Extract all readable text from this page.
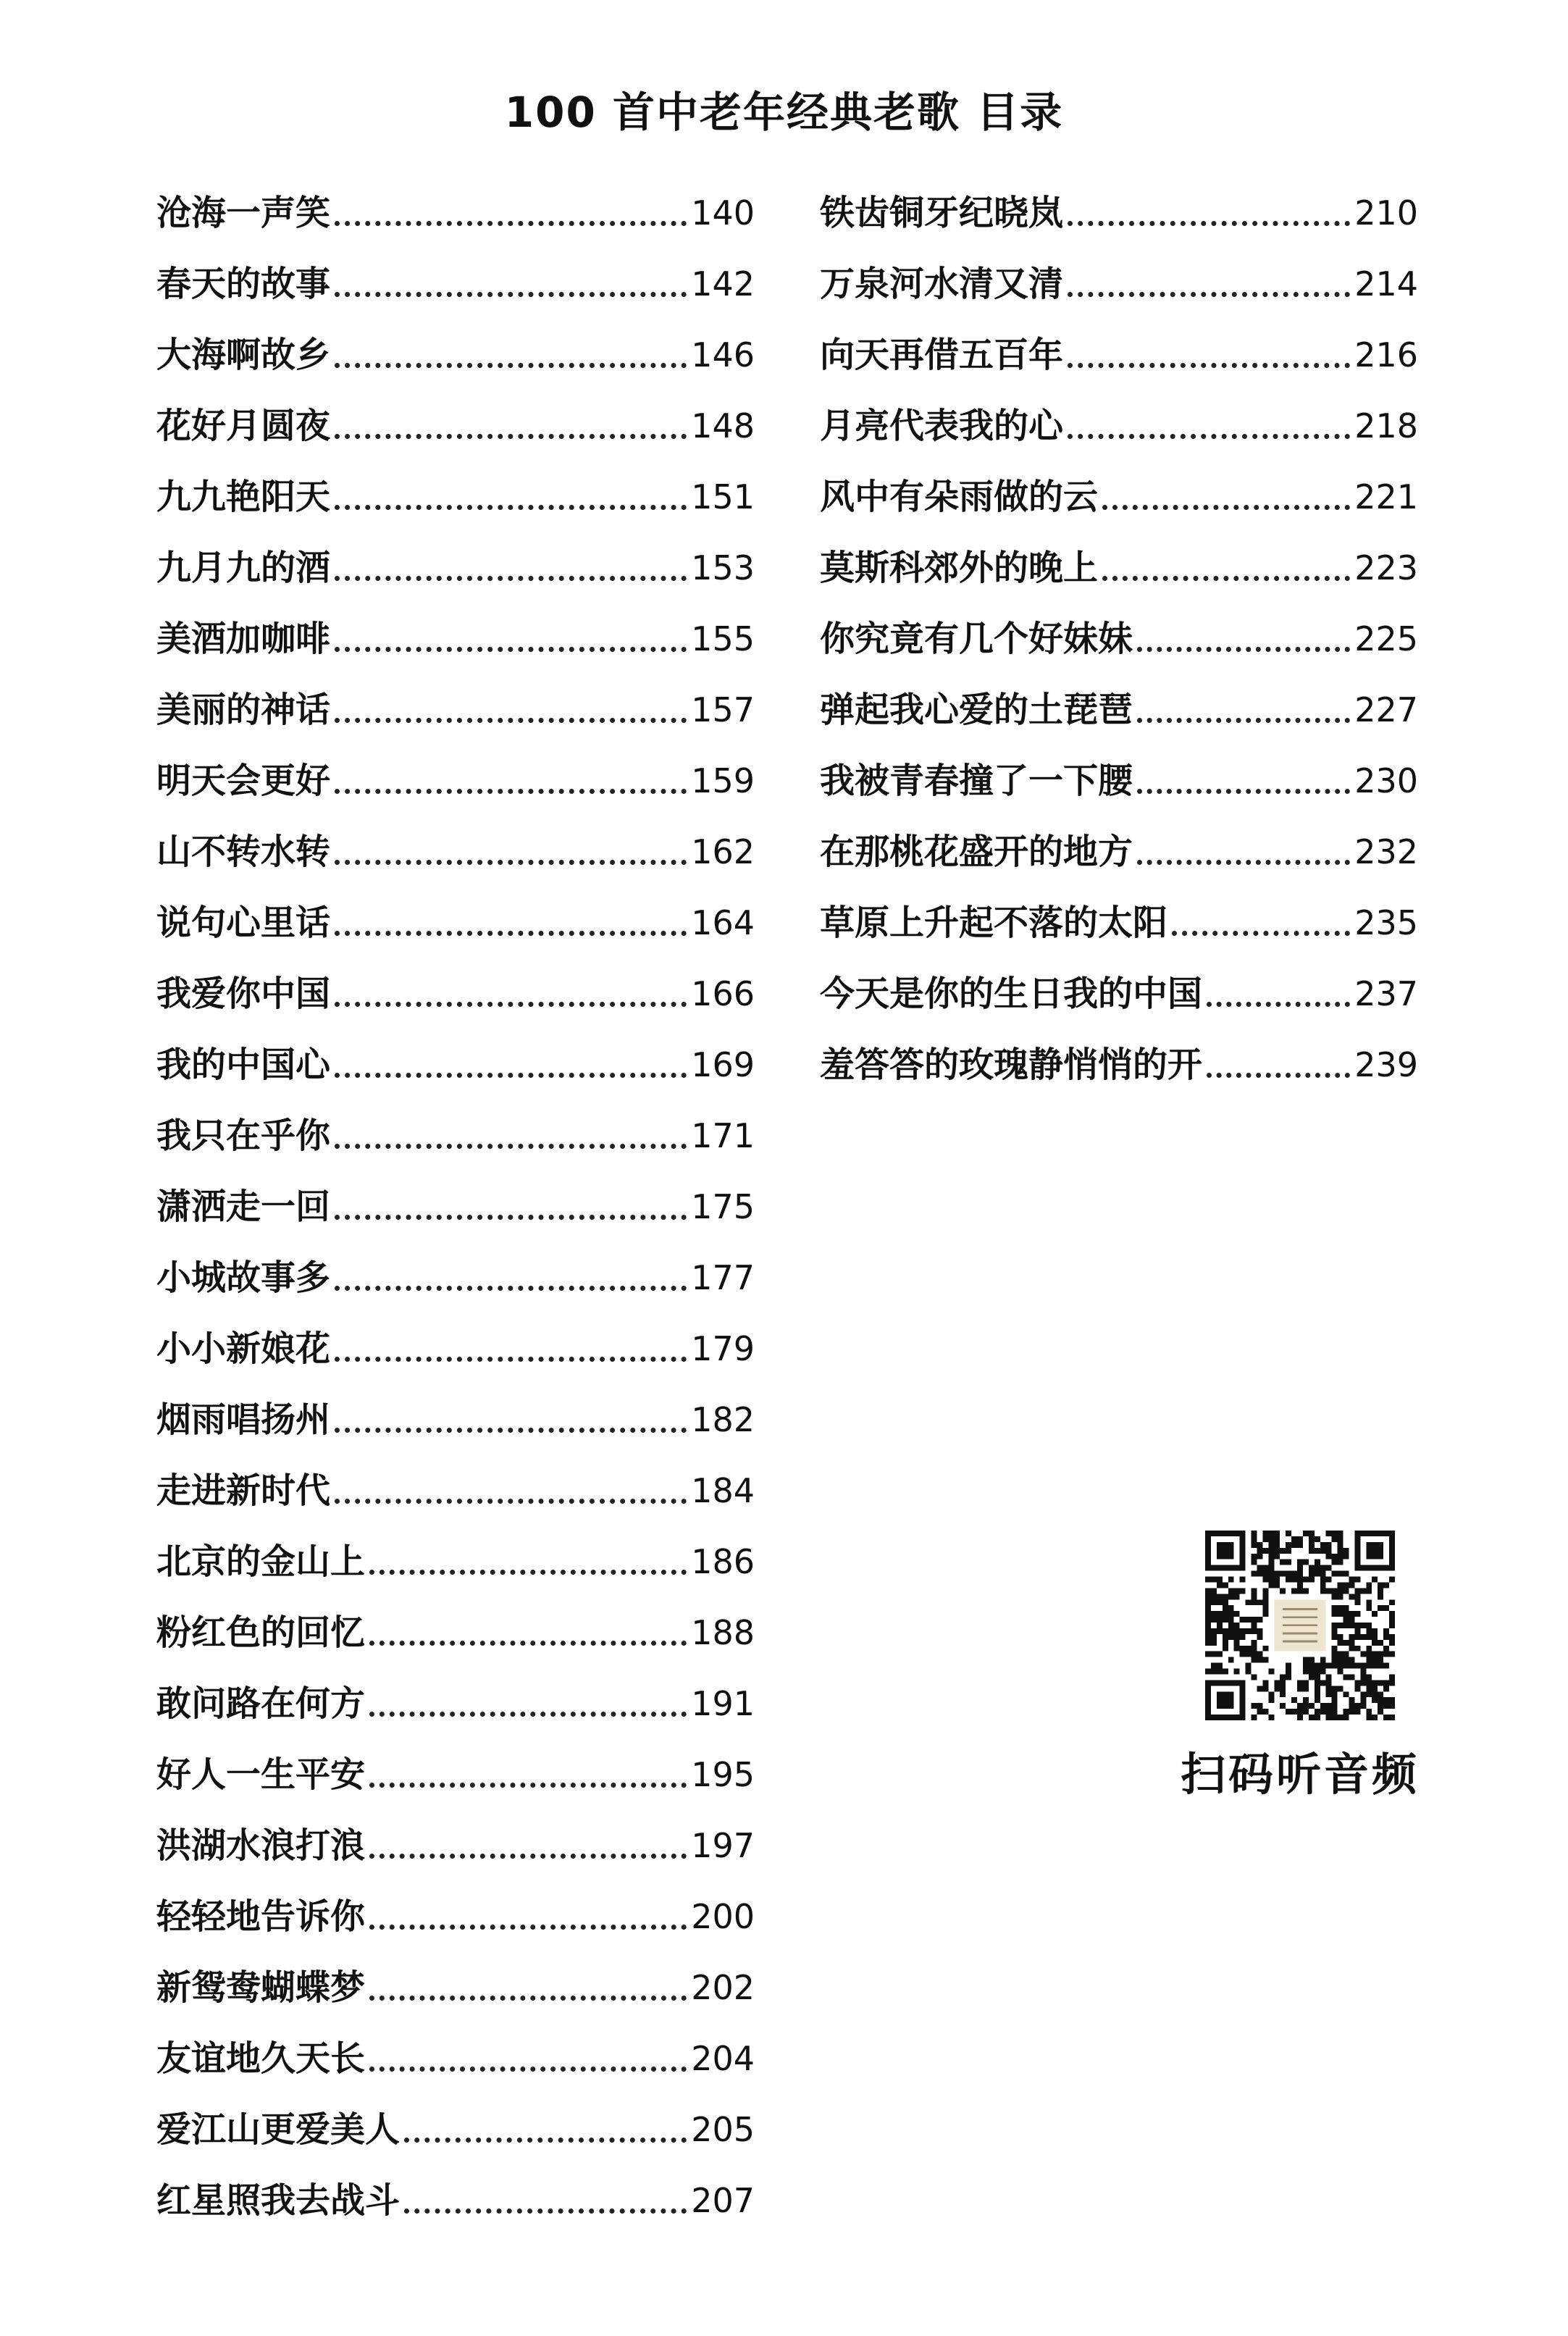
100 首中老年经典老歌 目录
沧海一声笑	140
春天的故事	142
大海啊故乡	146
花好月圆夜	148
九九艳阳天	151
九月九的酒	153
美酒加咖啡	155
美丽的神话	157
明天会更好	159
山不转水转	162
说句心里话	164
我爱你中国	166
我的中国心	169
我只在乎你	171
潇洒走一回	175
小城故事多	177
小小新娘花	179
烟雨唱扬州	182
走进新时代	184
北京的金山上	186
粉红色的回忆	188
敢问路在何方	191
好人一生平安	195
洪湖水浪打浪	197
轻轻地告诉你	200
新鸳鸯蝴蝶梦	202
友谊地久天长	204
爱江山更爱美人	205
红星照我去战斗	207
铁齿铜牙纪晓岚	210
万泉河水清又清	214
向天再借五百年	216
月亮代表我的心	218
风中有朵雨做的云	221
莫斯科郊外的晚上	223
你究竟有几个好妹妹	225
弹起我心爱的土琵琶	227
我被青春撞了一下腰	230
在那桃花盛开的地方	232
草原上升起不落的太阳	235
今天是你的生日我的中国	237
羞答答的玫瑰静悄悄的开	239
扫码听音频
